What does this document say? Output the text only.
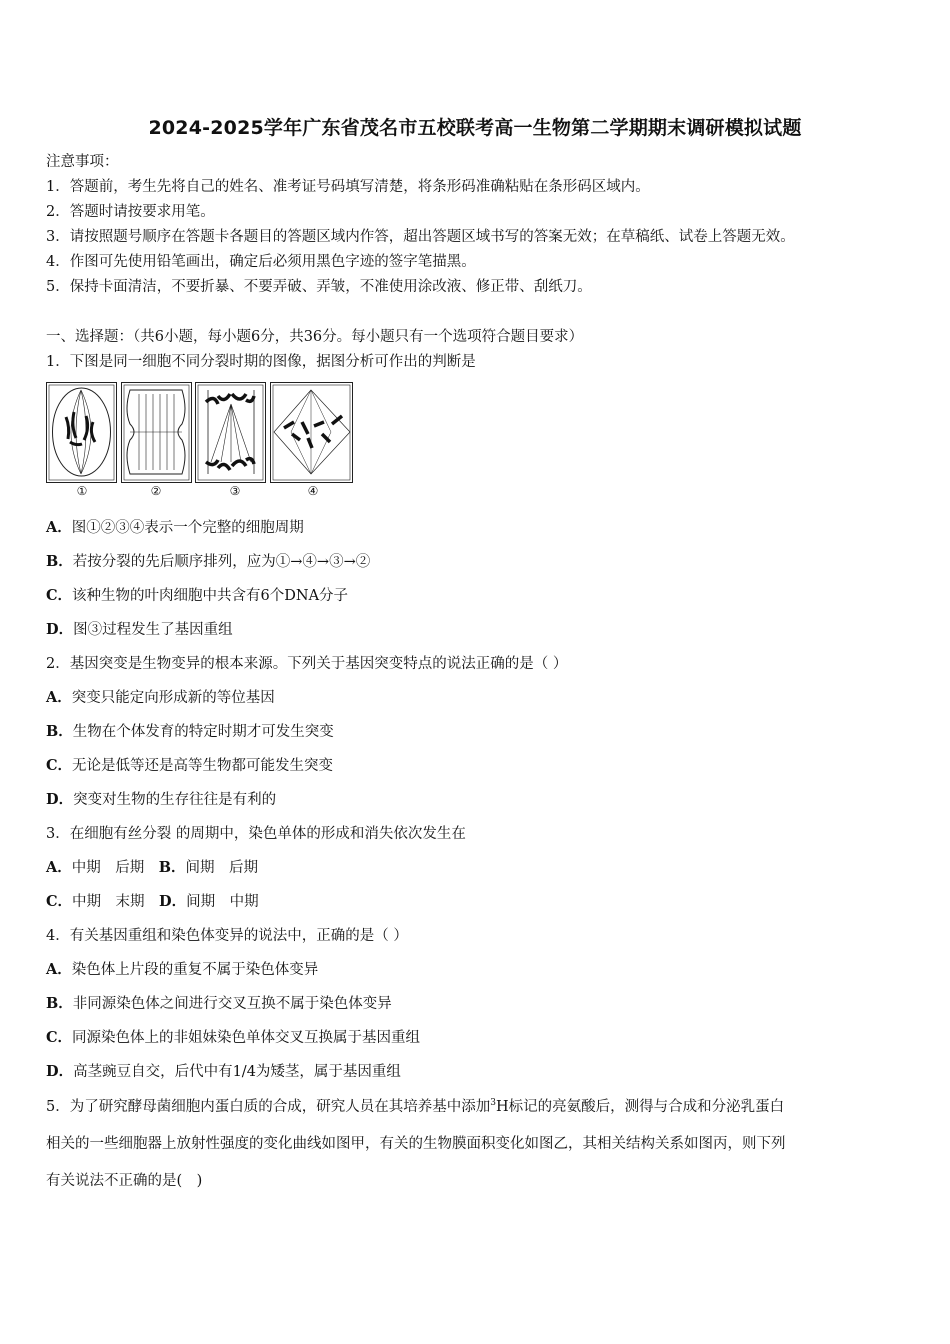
2024-2025学年广东省茂名市五校联考高一生物第二学期期末调研模拟试题
注意事项：
1．答题前，考生先将自己的姓名、准考证号码填写清楚，将条形码准确粘贴在条形码区域内。
2．答题时请按要求用笔。
3．请按照题号顺序在答题卡各题目的答题区域内作答，超出答题区域书写的答案无效；在草稿纸、试卷上答题无效。
4．作图可先使用铅笔画出，确定后必须用黑色字迹的签字笔描黑。
5．保持卡面清洁，不要折暴、不要弄破、弄皱，不准使用涂改液、修正带、刮纸刀。
一、选择题：（共6小题，每小题6分，共36分。每小题只有一个选项符合题目要求）
1．下图是同一细胞不同分裂时期的图像，据图分析可作出的判断是
①	②	③	④
A．图①②③④表示一个完整的细胞周期
B．若按分裂的先后顺序排列，应为①→④→③→②
C．该种生物的叶肉细胞中共含有6个DNA分子
D．图③过程发生了基因重组
2．基因突变是生物变异的根本来源。下列关于基因突变特点的说法正确的是（ ）
A．突变只能定向形成新的等位基因
B．生物在个体发育的特定时期才可发生突变
C．无论是低等还是高等生物都可能发生突变
D．突变对生物的生存往往是有利的
3．在细胞有丝分裂 的周期中，染色单体的形成和消失依次发生在
A．中期　后期　 B．间期　后期
C．中期　末期　 D．间期　中期
4．有关基因重组和染色体变异的说法中，正确的是（ ）
A．染色体上片段的重复不属于染色体变异
B．非同源染色体之间进行交叉互换不属于染色体变异
C．同源染色体上的非姐妹染色单体交叉互换属于基因重组
D．高茎豌豆自交，后代中有1/4为矮茎，属于基因重组
5．为了研究酵母菌细胞内蛋白质的合成，研究人员在其培养基中添加$^3$H标记的亮氨酸后，测得与合成和分泌乳蛋白
相关的一些细胞器上放射性强度的变化曲线如图甲，有关的生物膜面积变化如图乙，其相关结构关系如图丙，则下列
有关说法不正确的是(　)
